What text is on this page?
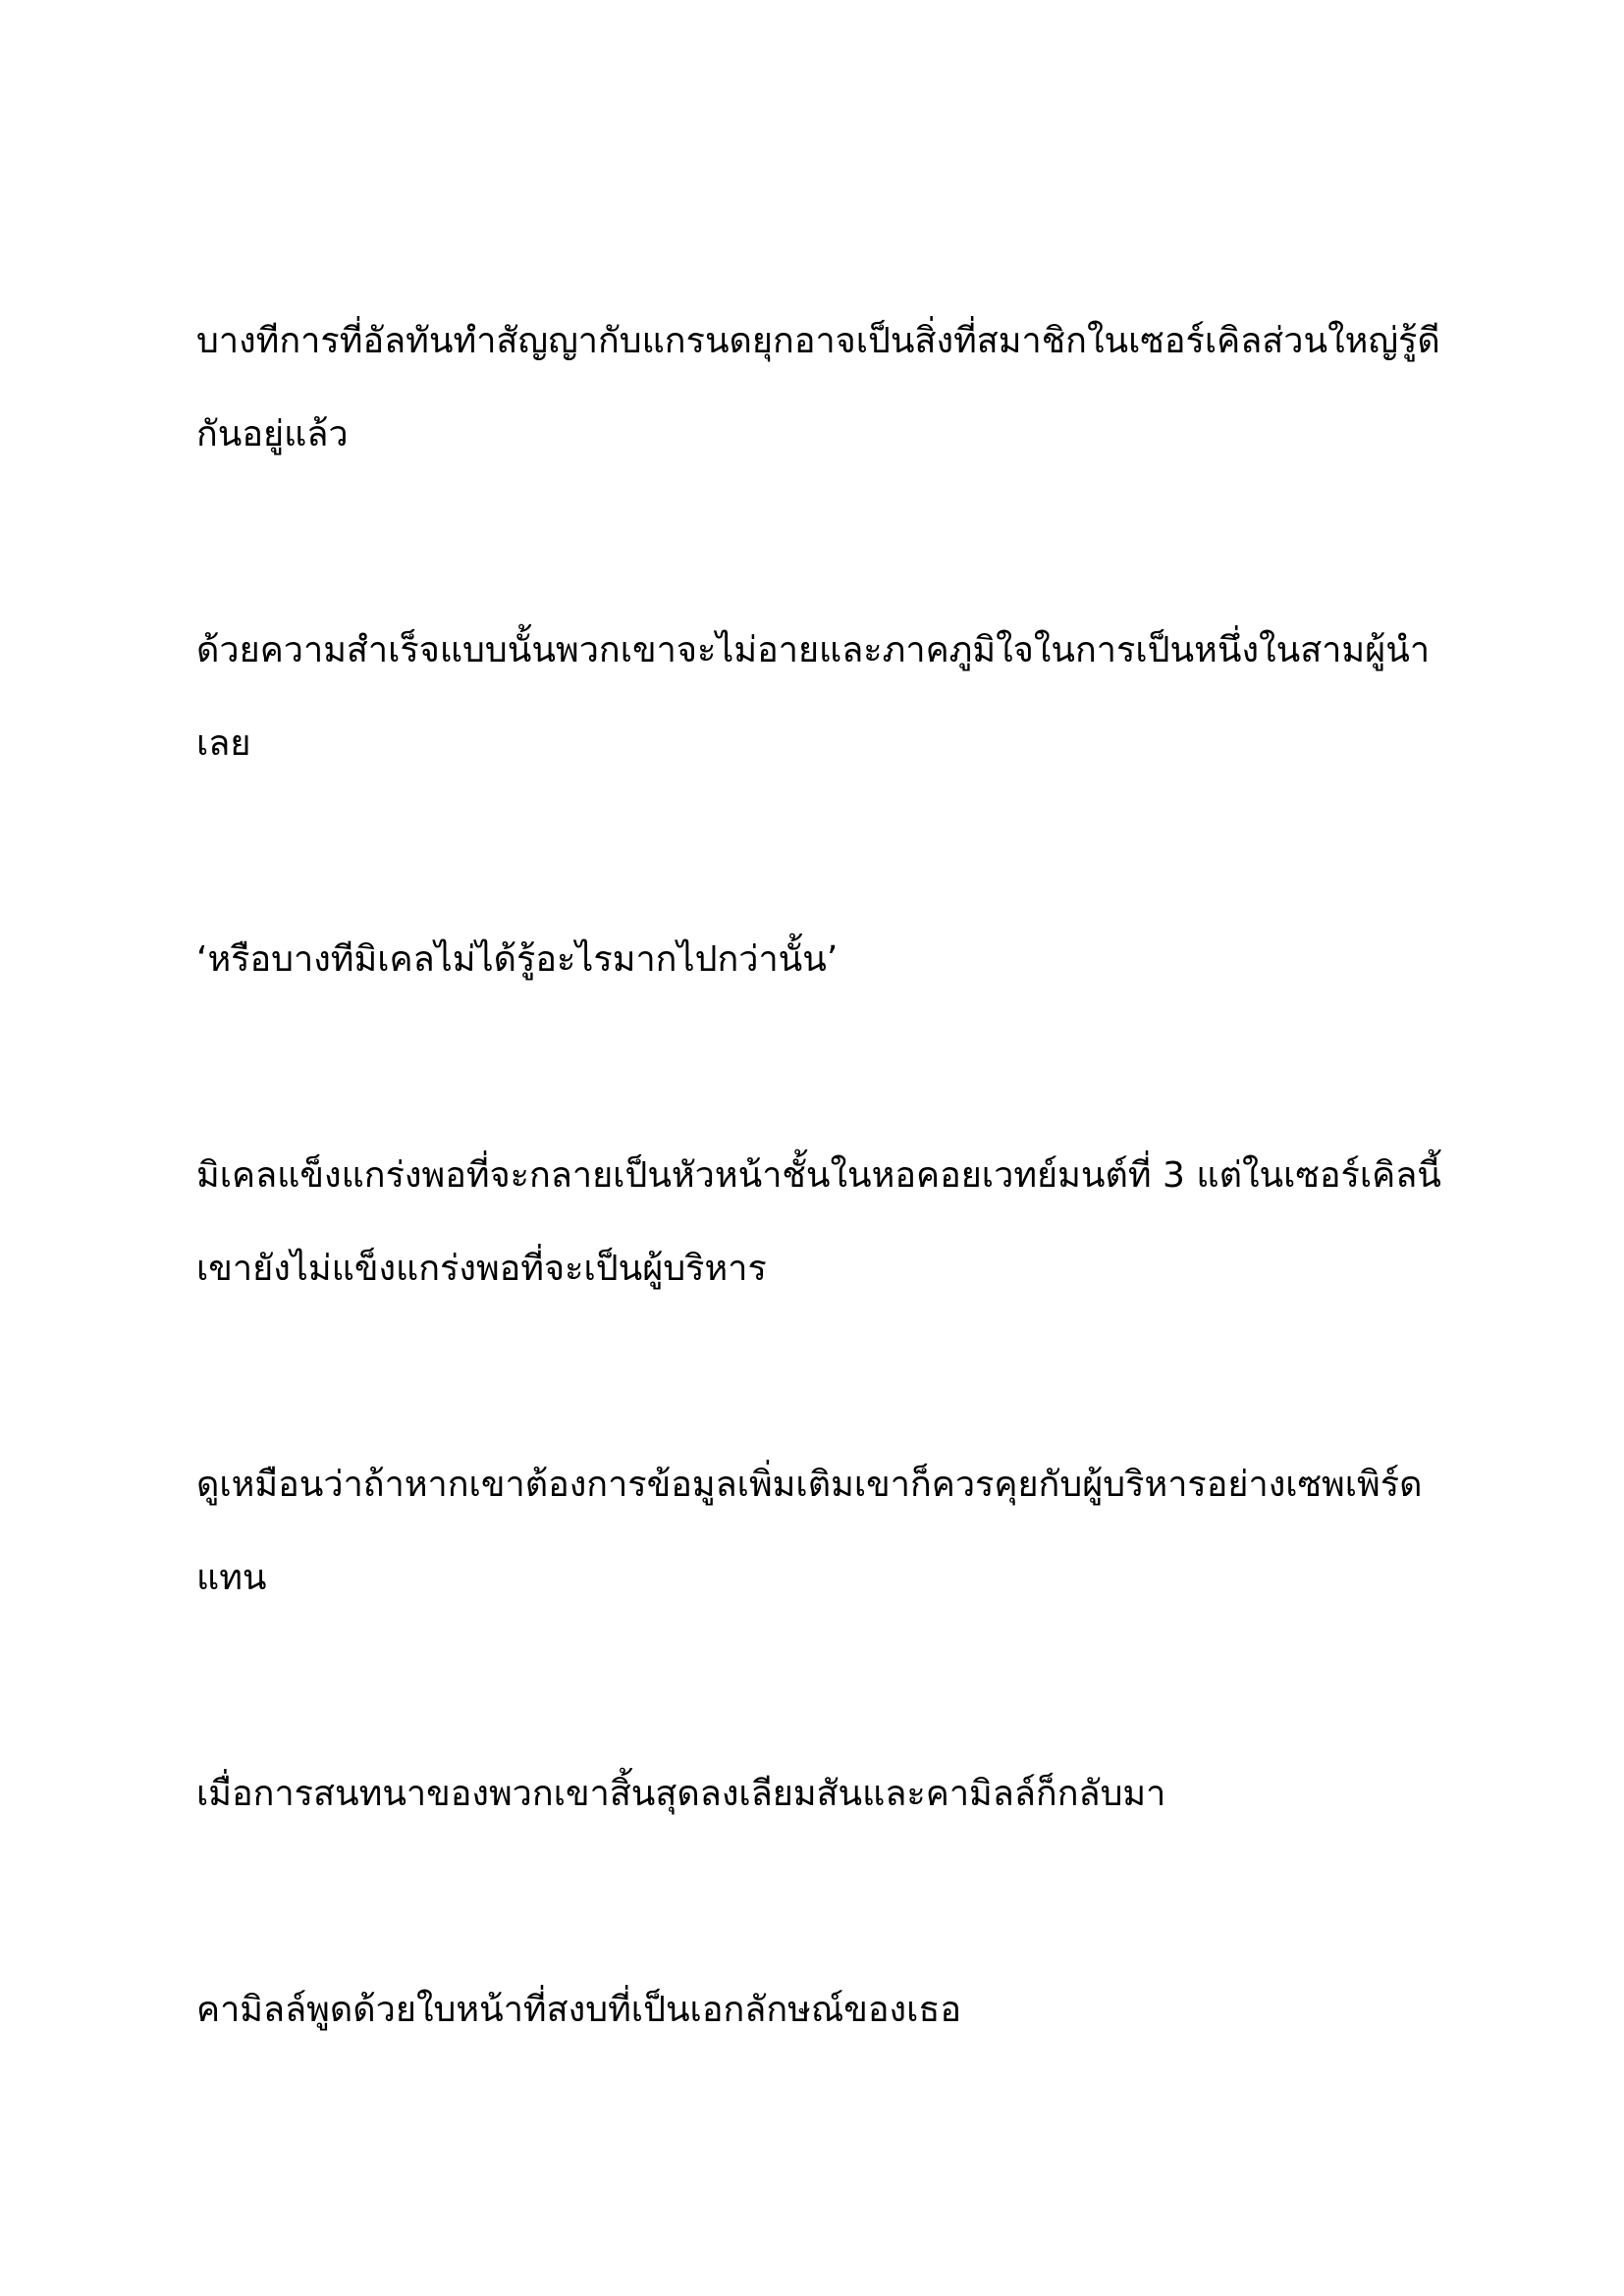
บางทีการที่อัลทันทำสัญญากับแกรนดยุกอาจเป็นสิ่งที่สมาชิกในเซอร์เคิลส่วนใหญ่รู้ดีกันอยู่แล้ว

ด้วยความสำเร็จแบบนั้นพวกเขาจะไม่อายและภาคภูมิใจในการเป็นหนึ่งในสามผู้นำเลย

‘หรือบางทีมิเคลไม่ได้รู้อะไรมากไปกว่านั้น’

มิเคลแข็งแกร่งพอที่จะกลายเป็นหัวหน้าชั้นในหอคอยเวทย์มนต์ที่ 3 แต่ในเซอร์เคิลนี้เขายังไม่แข็งแกร่งพอที่จะเป็นผู้บริหาร

ดูเหมือนว่าถ้าหากเขาต้องการข้อมูลเพิ่มเติมเขาก็ควรคุยกับผู้บริหารอย่างเซพเพิร์ดแทน

เมื่อการสนทนาของพวกเขาสิ้นสุดลงเลียมสันและคามิลล์ก็กลับมา

คามิลล์พูดด้วยใบหน้าที่สงบที่เป็นเอกลักษณ์ของเธอ
